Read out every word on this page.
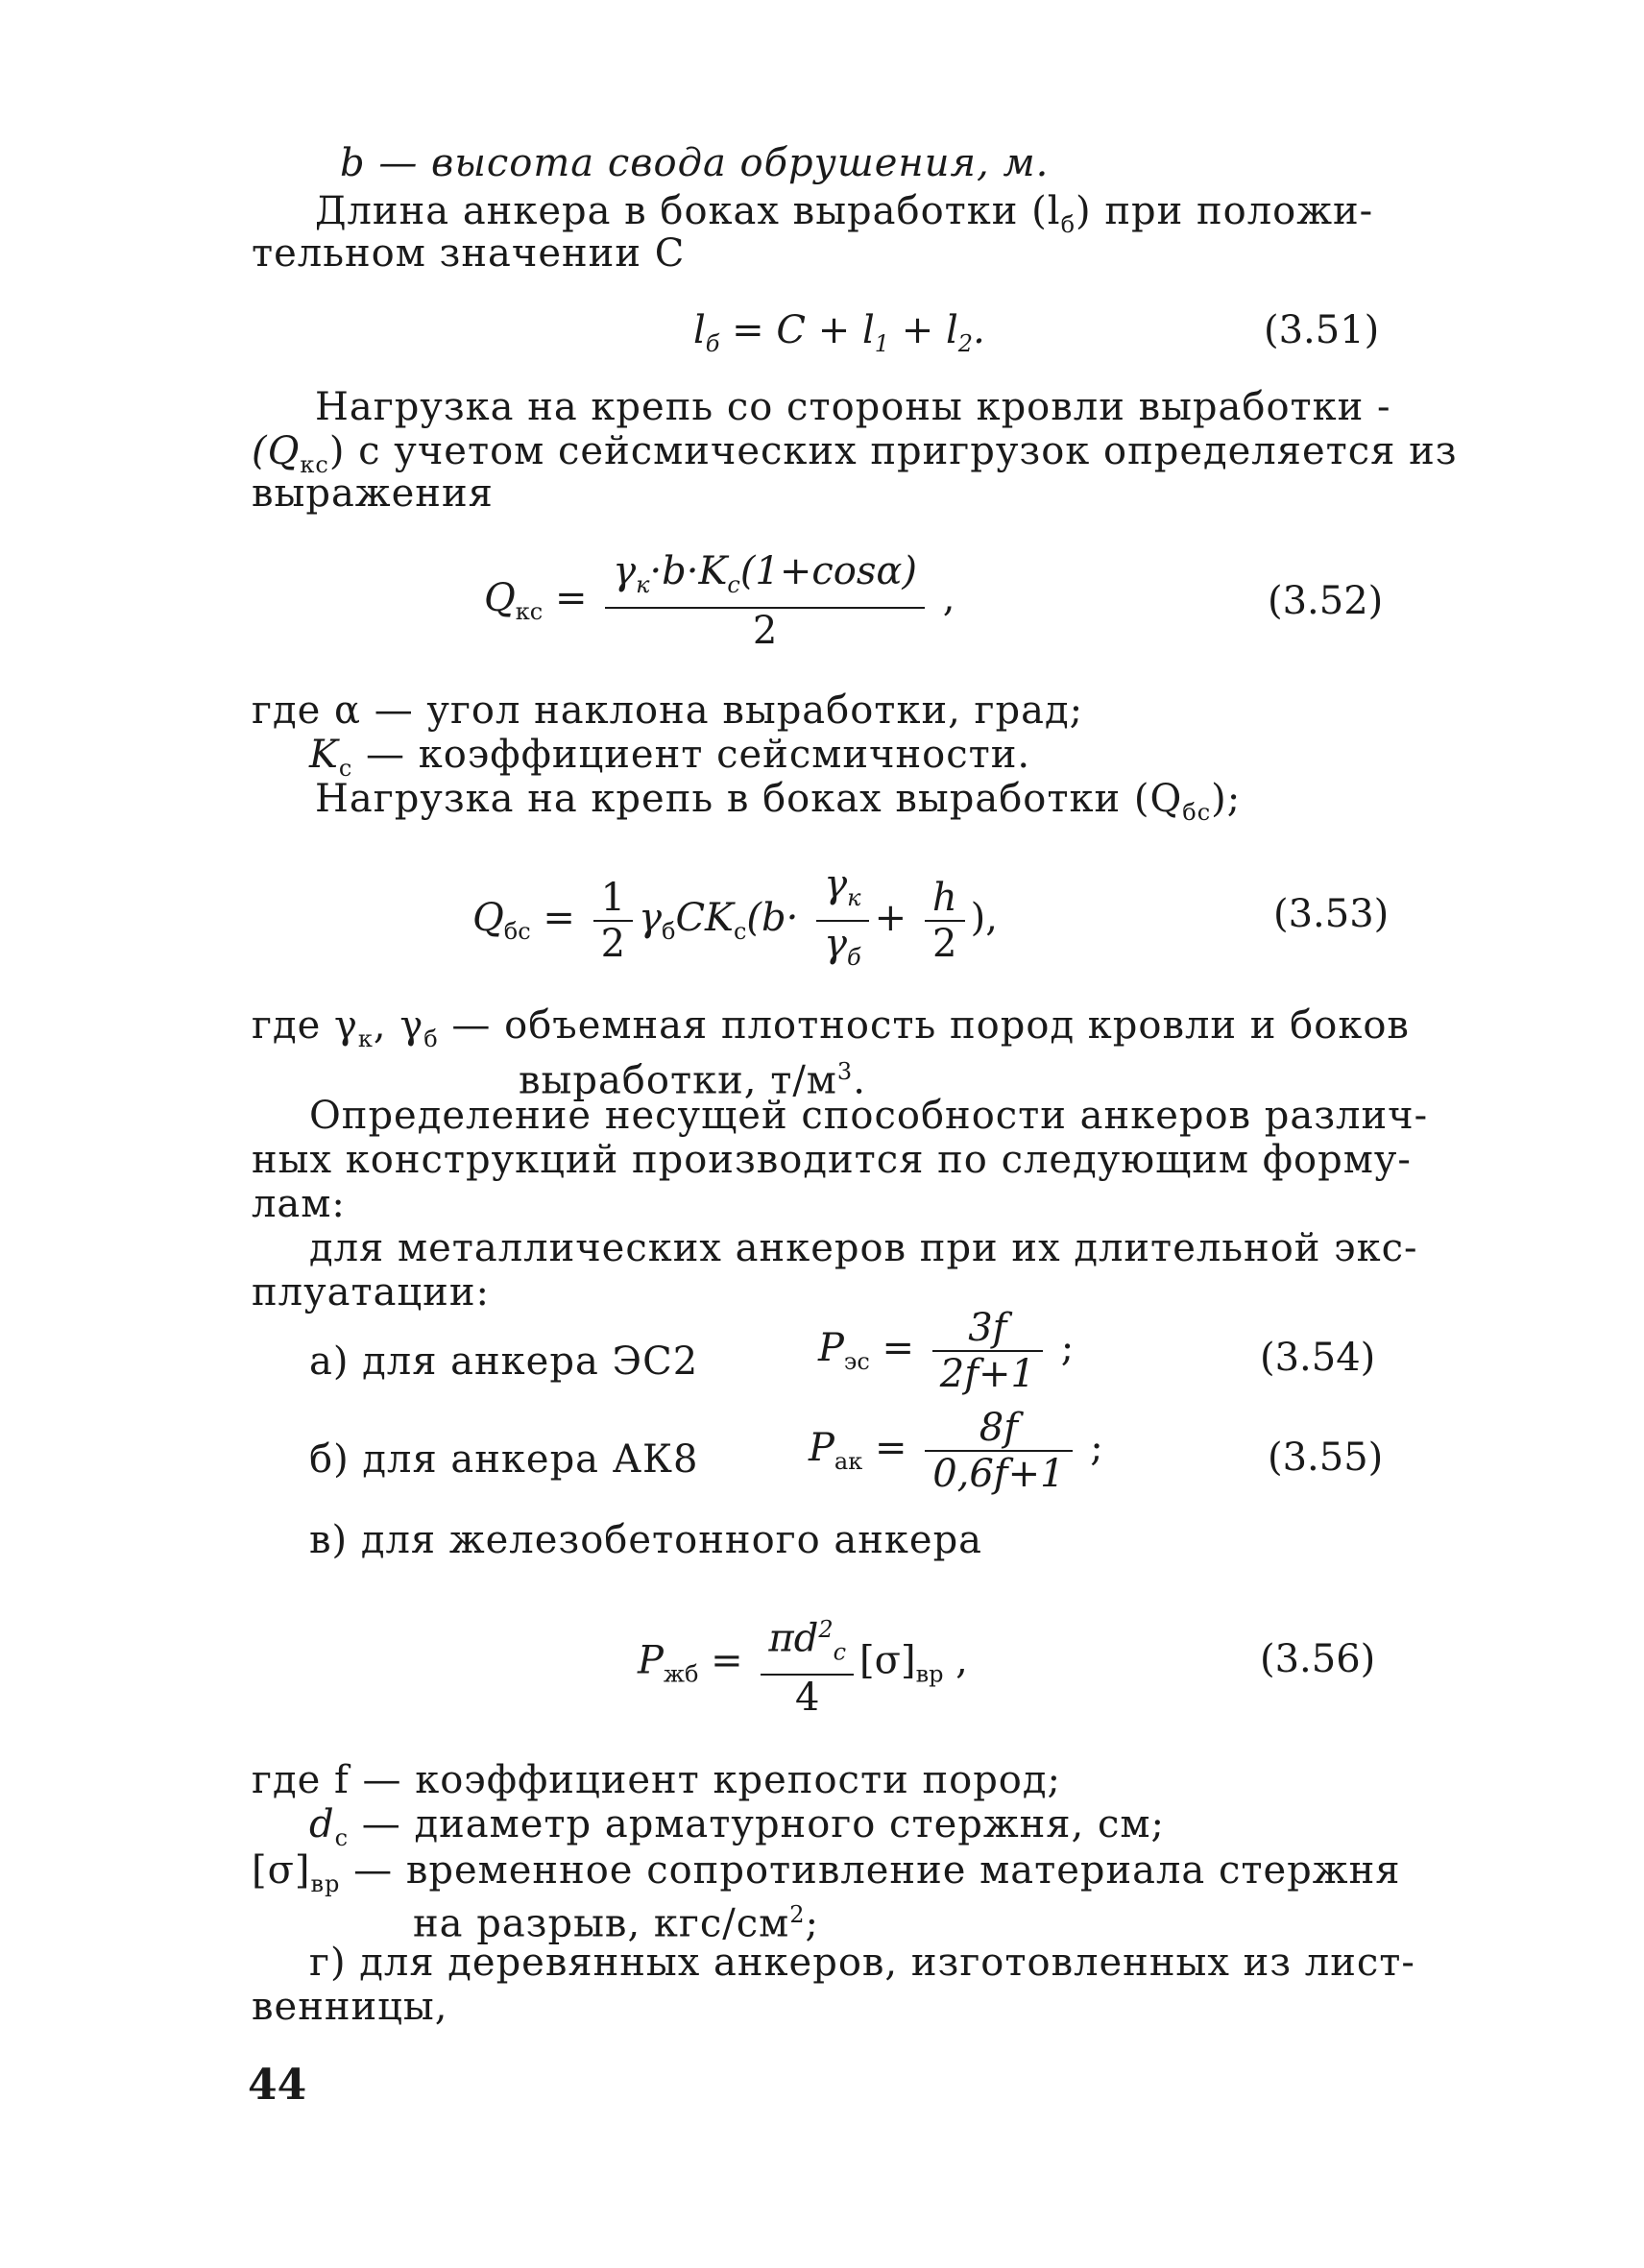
b — высота свода обрушения, м.
Длина анкера в боках выработки $(l_б)$ при положи-
тельном значении C
$l_б = C + l_1 + l_2$.	(3.51)
Нагрузка на крепь со стороны кровли выработки -
$(Q_{кс})$ с учетом сейсмических пригрузок определяется из
выражения
$Q_{кс} = \frac{\gamma_к\cdot b\cdot K_с(1+\cos\alpha)}{2}$ ,	(3.52)
где α — угол наклона выработки, град;
$K_с$ — коэффициент сейсмичности.
Нагрузка на крепь в боках выработки $(Q_{бс})$;
$Q_{бс} = \frac{1}{2} \gamma_бCK_с(b\cdot \frac{\gamma_к}{\gamma_б} + \frac{h}{2}$ ),	(3.53)
где $\gamma_к$, $\gamma_б$ — объемная плотность пород кровли и боков
выработки, $т/м^3$.
Определение несущей способности анкеров различ-
ных конструкций производится по следующим форму-
лам:
для металлических анкеров при их длительной экс-
плуатации:
а) для анкера ЭС2	$P_{эс} = \frac{3f}{2f+1}$ ;	(3.54)
б) для анкера АК8	$P_{ак} = \frac{8f}{0,6f+1}$ ;	(3.55)
в) для железобетонного анкера
$P_{жб} = \frac{\pi d^2_с}{4} [\sigma]_{вр}$ ,	(3.56)
где f — коэффициент крепости пород;
$d_с$ — диаметр арматурного стержня, см;
$[\sigma]_{вр}$ — временное сопротивление материала стержня
на разрыв, кгс/$см^2$;
г) для деревянных анкеров, изготовленных из лист-
венницы,
44
